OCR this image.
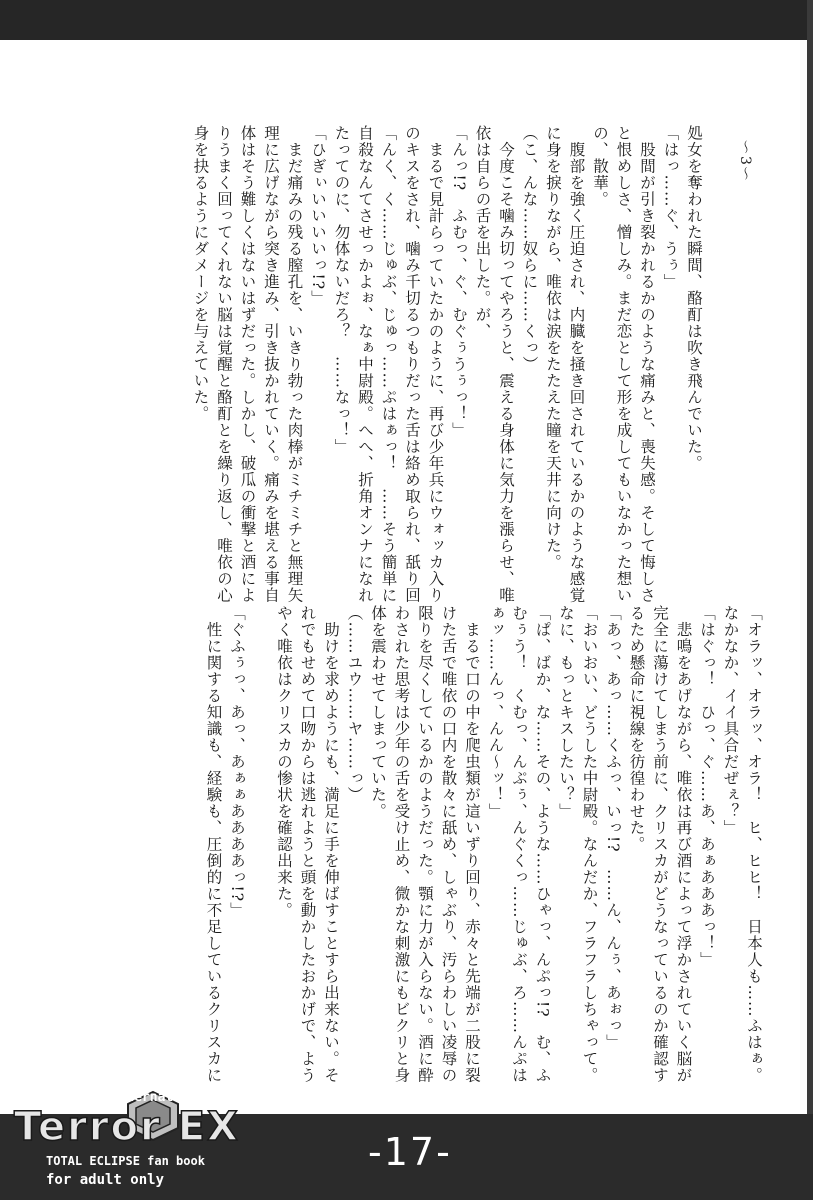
～3～

処女を奪われた瞬間、酪酊は吹き飛んでいた。

「はっ……ぐ、うぅ」

　股間が引き裂かれるかのような痛みと、喪失感。そして悔しさ

と恨めしさ、憎しみ。まだ恋として形を成してもいなかった想い

の、散華。

　腹部を強く圧迫され、内臓を掻き回されているかのような感覚

に身を捩りながら、唯依は涙をたたえた瞳を天井に向けた。

（こ、んな……奴らに……くっ）

　今度こそ噛み切ってやろうと、震える身体に気力を漲らせ、唯

依は自らの舌を出した。が、

「んっ!?　ふむっ、ぐ、むぐぅうぅっ！」

　まるで見計らっていたかのように、再び少年兵にウォッカ入り

のキスをされ、噛み千切るつもりだった舌は絡め取られ、舐り回

「んく、く……じゅぶ、じゅっ……ぷはぁっ！　……そう簡単に

自殺なんてさせっかよぉ、なぁ中尉殿。へへ、折角オンナになれ

たってのに、勿体ないだろ？　……なっ！」

「ひぎぃいいいいっ!?」

　まだ痛みの残る膣孔を、いきり勃った肉棒がミチミチと無理矢

理に広げながら突き進み、引き抜かれていく。痛みを堪える事自

体はそう難しくはないはずだった。しかし、破瓜の衝撃と酒によ

りうまく回ってくれない脳は覚醒と酪酊とを繰り返し、唯依の心

身を抉るようにダメージを与えていた。

「オラッ、オラッ、オラ！　ヒ、ヒヒ！　日本人も……ふはぁ。

なかなか、イイ具合だぜぇ？」

「はぐっ！　ひっ、ぐ……あ、あぁあああっ！」

　悲鳴をあげながら、唯依は再び酒によって浮かされていく脳が

完全に蕩けてしまう前に、クリスカがどうなっているのか確認す

るため懸命に視線を彷徨わせた。

「あっ、あっ……くふっ、いっ!?　……ん、んぅ、あぉっ」

「おいおい、どうした中尉殿。なんだか、フラフラしちゃって。

なに、もっとキスしたい？」

「ぱ、ばか、な……その、ような……ひゃっ、んぷっ!?　む、ふ

むぅう！　くむっ、んぷぅ、んぐくっ……じゅぶ、ろ……んぷは

ぁッ……んっ、んん～ッ！」

　まるで口の中を爬虫類が這いずり回り、赤々と先端が二股に裂

けた舌で唯依の口内を散々に舐め、しゃぶり、汚らわしい凌辱の

限りを尽くしているかのようだった。顎に力が入らない。酒に酔

わされた思考は少年の舌を受け止め、微かな刺激にもビクリと身

体を震わせてしまっていた。

（……ユウ……ヤ……っ）

　助けを求めようにも、満足に手を伸ばすことすら出来ない。そ

れでもせめて口吻からは逃れようと頭を動かしたおかげで、よう

やく唯依はクリスカの惨状を確認出来た。

「ぐふぅっ、あっ、あぁぁああああっ!?」

　性に関する知識も、経験も、圧倒的に不足しているクリスカに

Muv-Luv alternative
Terror EX
TOTAL ECLIPSE fan book
for adult only
-17-
